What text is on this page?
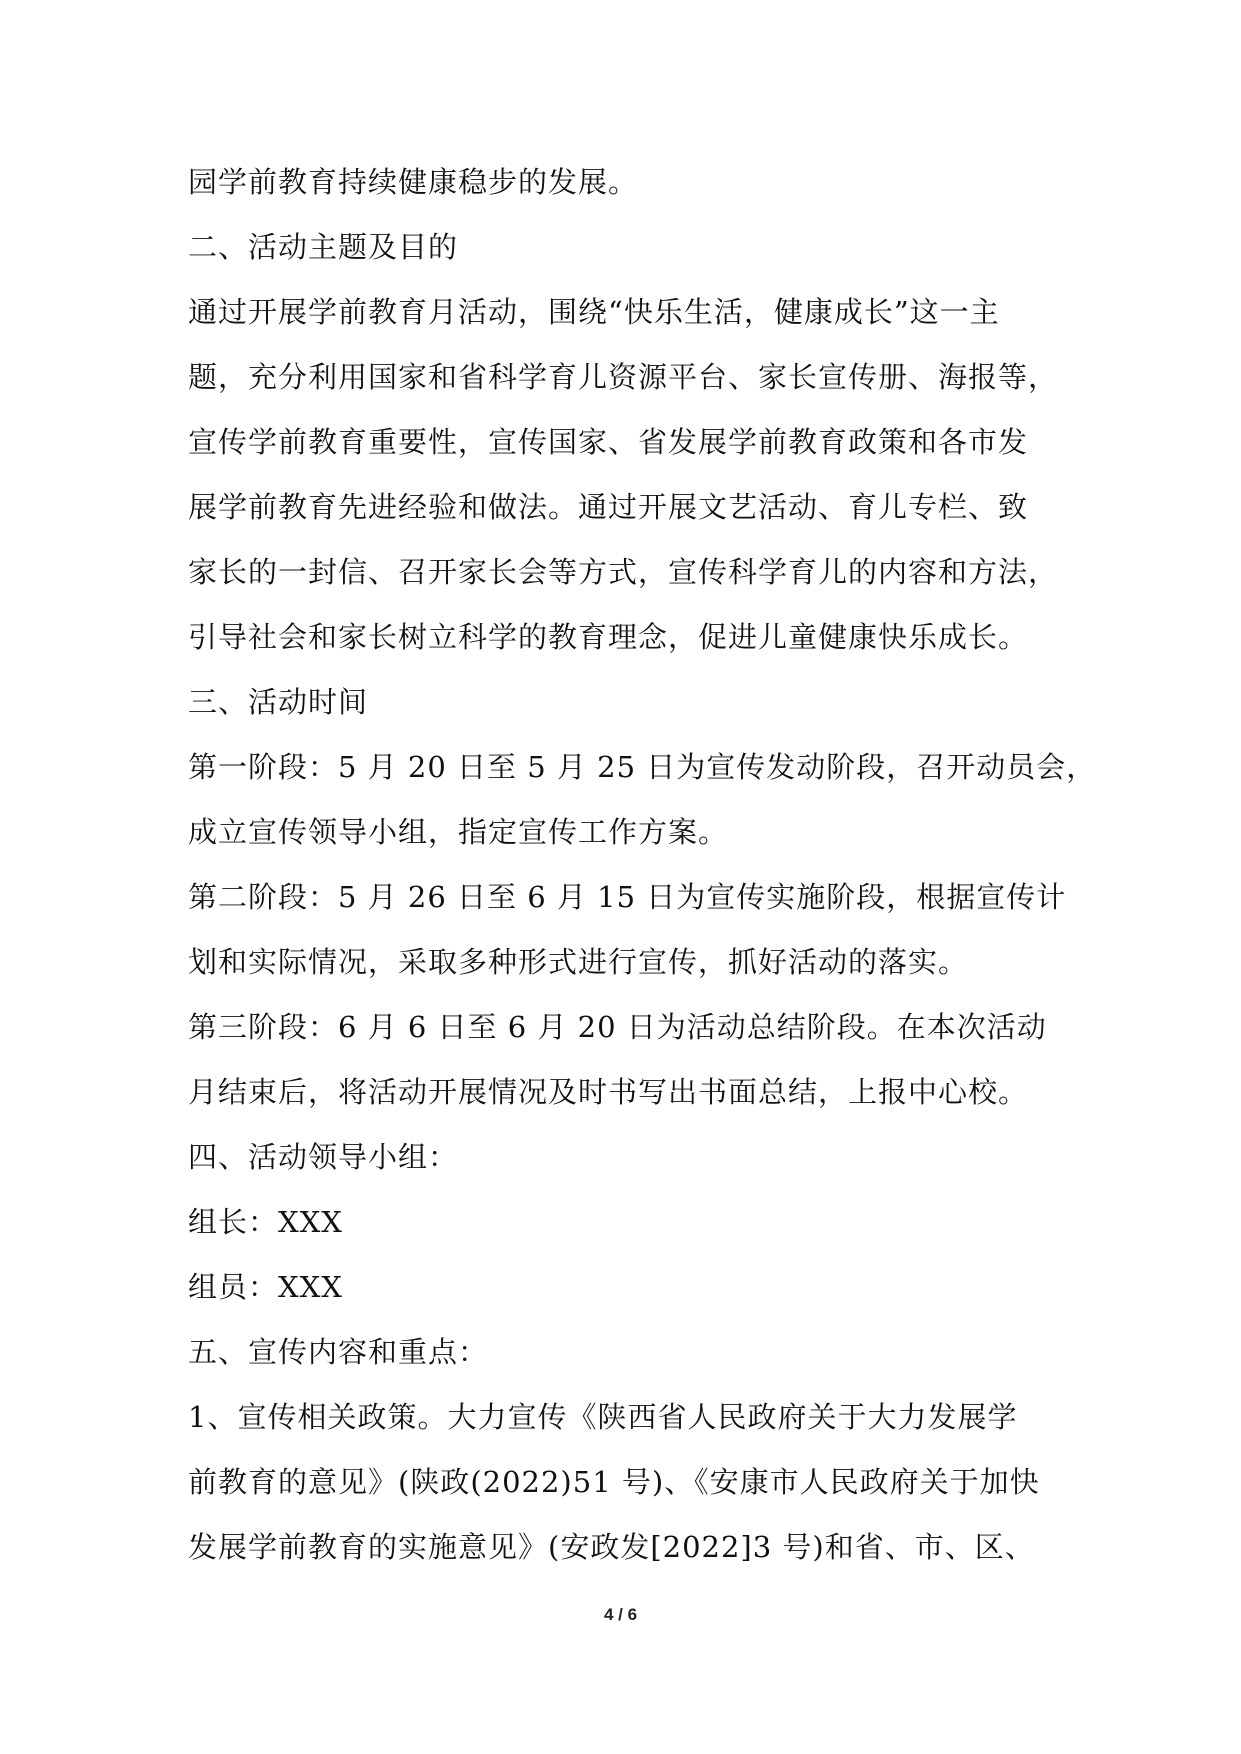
园学前教育持续健康稳步的发展。
二、活动主题及目的
通过开展学前教育月活动，围绕“快乐生活，健康成长”这一主
题，充分利用国家和省科学育儿资源平台、家长宣传册、海报等，
宣传学前教育重要性，宣传国家、省发展学前教育政策和各市发
展学前教育先进经验和做法。通过开展文艺活动、育儿专栏、致
家长的一封信、召开家长会等方式，宣传科学育儿的内容和方法，
引导社会和家长树立科学的教育理念，促进儿童健康快乐成长。
三、活动时间
第一阶段：5 月 20 日至 5 月 25 日为宣传发动阶段，召开动员会，
成立宣传领导小组，指定宣传工作方案。
第二阶段：5 月 26 日至 6 月 15 日为宣传实施阶段，根据宣传计
划和实际情况，采取多种形式进行宣传，抓好活动的落实。
第三阶段：6 月 6 日至 6 月 20 日为活动总结阶段。在本次活动
月结束后，将活动开展情况及时书写出书面总结，上报中心校。
四、活动领导小组：
组长：XXX
组员：XXX
五、宣传内容和重点：
1、宣传相关政策。大力宣传《陕西省人民政府关于大力发展学
前教育的意见》(陕政(2022)51 号)、《安康市人民政府关于加快
发展学前教育的实施意见》(安政发[2022]3 号)和省、市、区、
4 / 6
